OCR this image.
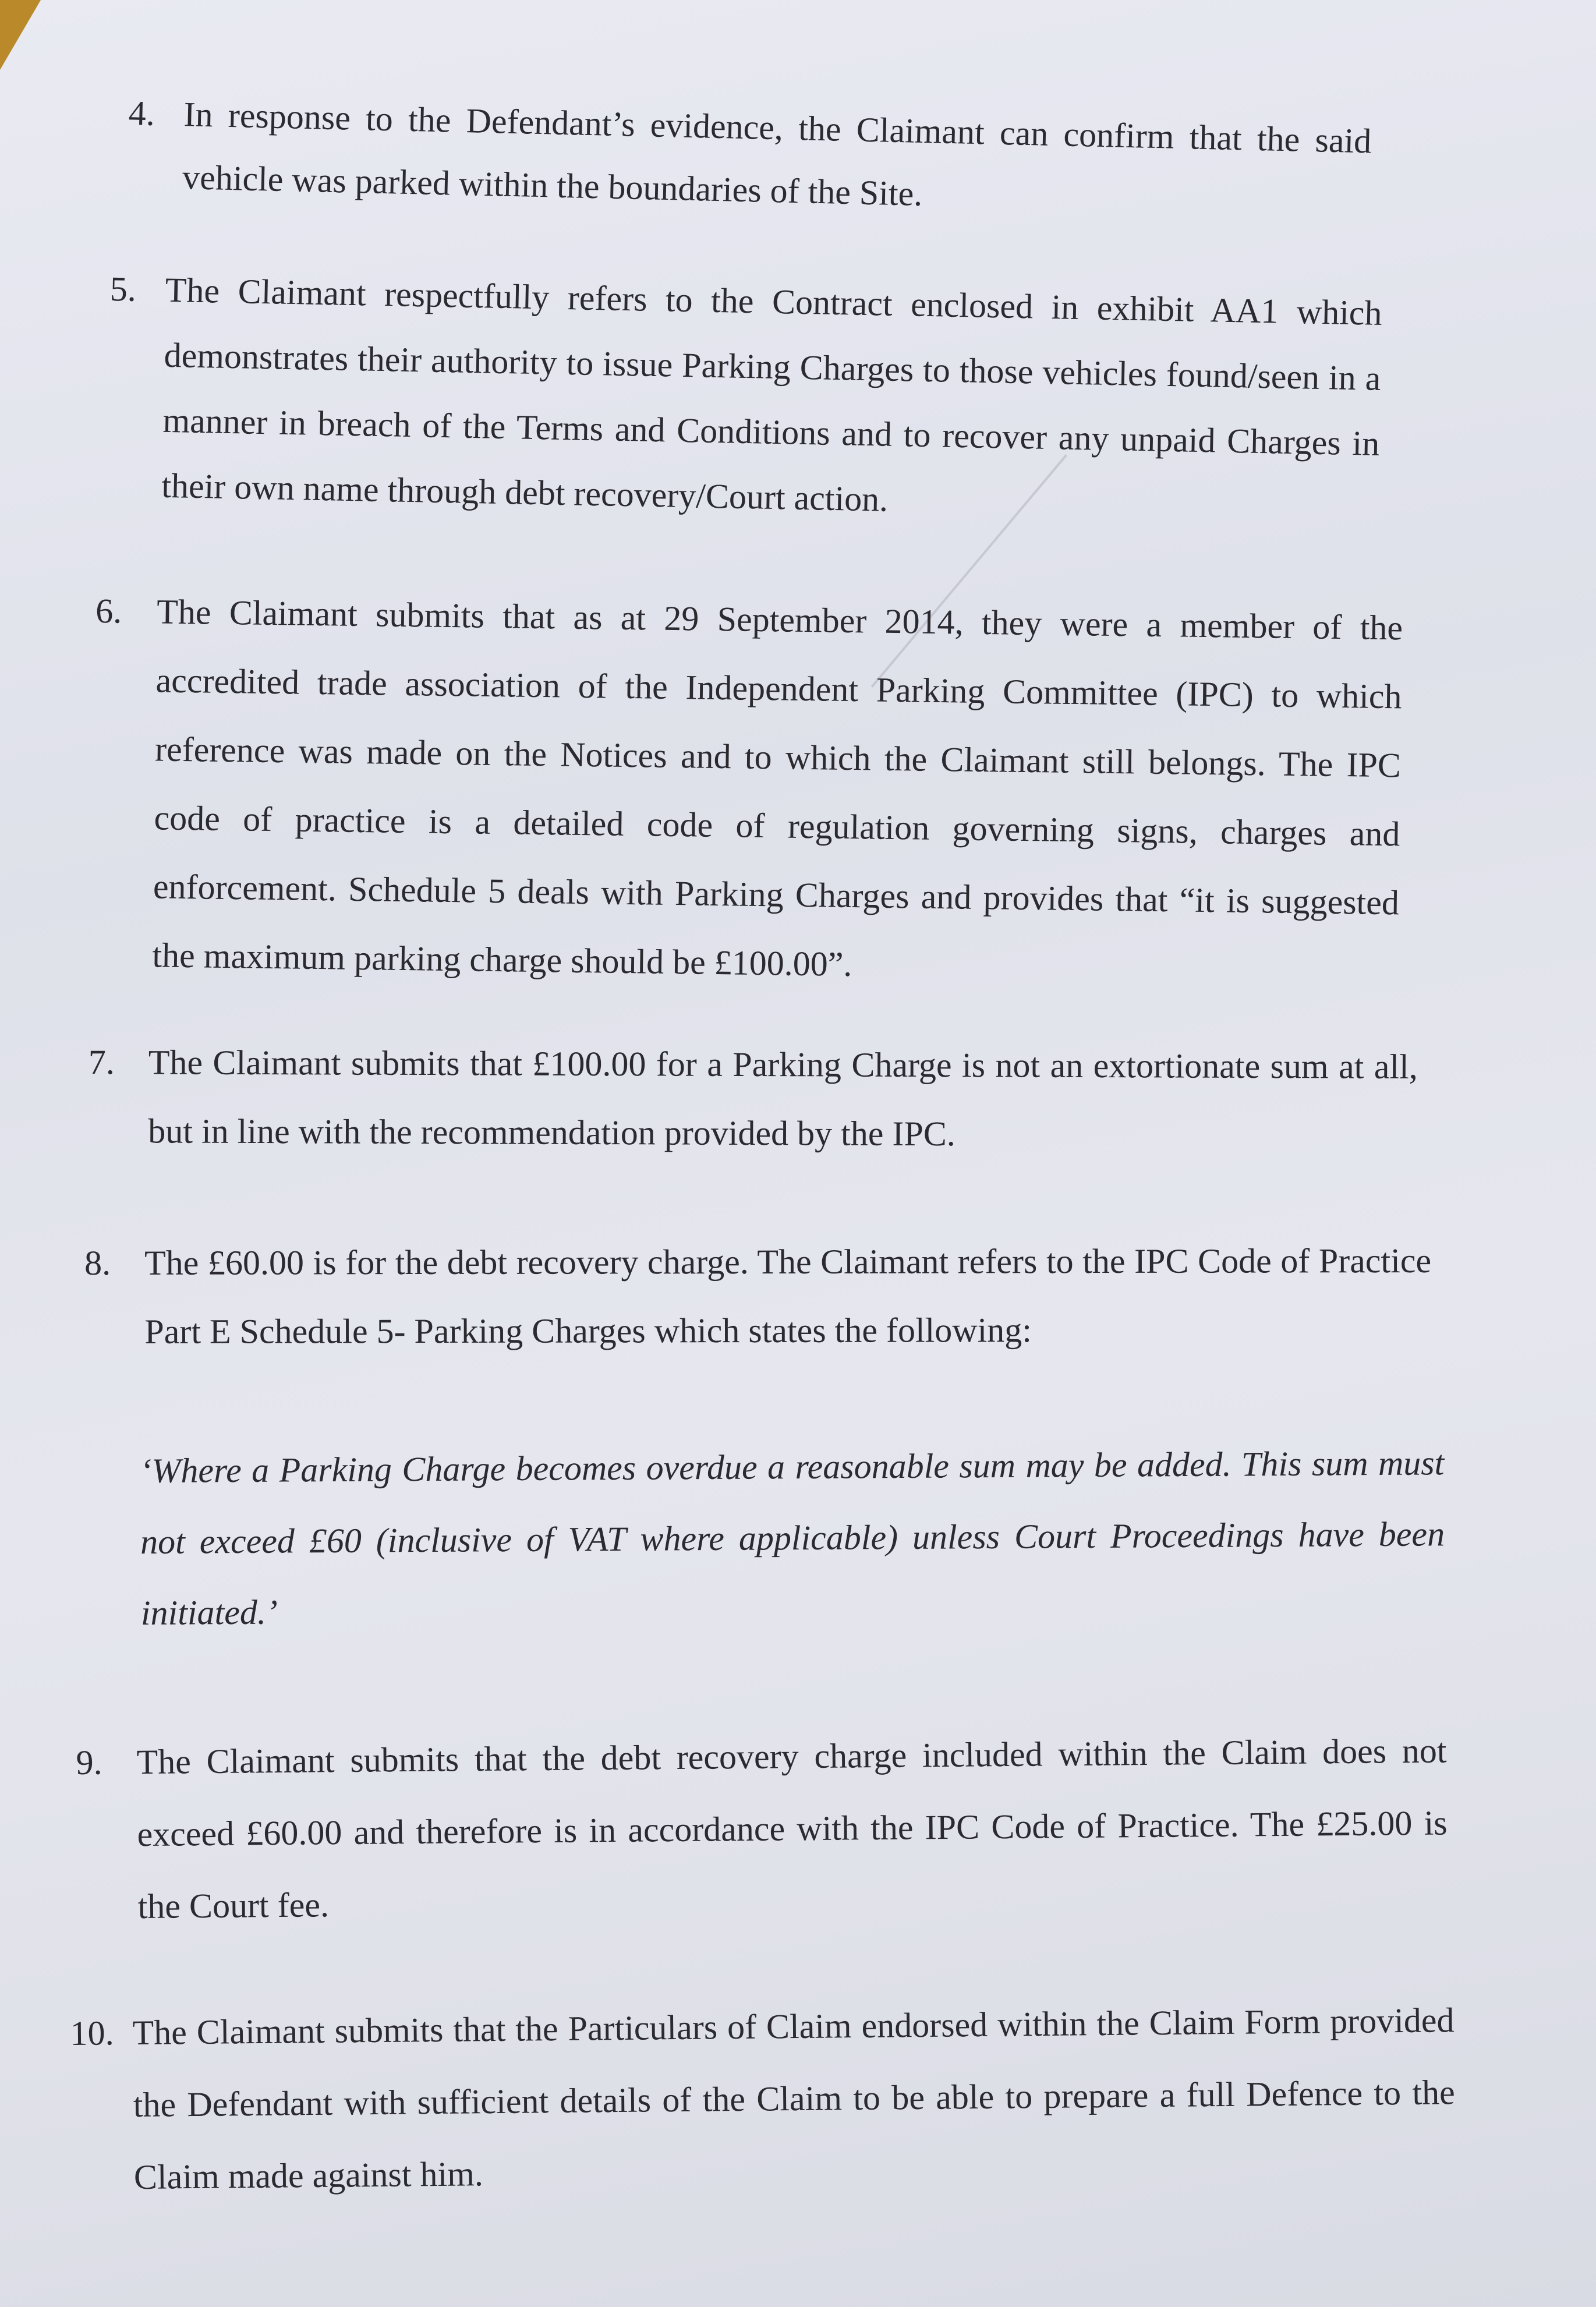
4. In response to the Defendant’s evidence, the Claimant can confirm that the said vehicle was parked within the boundaries of the Site.
5. The Claimant respectfully refers to the Contract enclosed in exhibit AA1 which demonstrates their authority to issue Parking Charges to those vehicles found/seen in a manner in breach of the Terms and Conditions and to recover any unpaid Charges in their own name through debt recovery/Court action.
6. The Claimant submits that as at 29 September 2014, they were a member of the accredited trade association of the Independent Parking Committee (IPC) to which reference was made on the Notices and to which the Claimant still belongs. The IPC code of practice is a detailed code of regulation governing signs, charges and enforcement. Schedule 5 deals with Parking Charges and provides that “it is suggested the maximum parking charge should be £100.00”.
7. The Claimant submits that £100.00 for a Parking Charge is not an extortionate sum at all, but in line with the recommendation provided by the IPC.
8. The £60.00 is for the debt recovery charge. The Claimant refers to the IPC Code of Practice Part E Schedule 5- Parking Charges which states the following:
‘Where a Parking Charge becomes overdue a reasonable sum may be added. This sum must not exceed £60 (inclusive of VAT where applicable) unless Court Proceedings have been initiated.’
9. The Claimant submits that the debt recovery charge included within the Claim does not exceed £60.00 and therefore is in accordance with the IPC Code of Practice. The £25.00 is the Court fee.
10. The Claimant submits that the Particulars of Claim endorsed within the Claim Form provided the Defendant with sufficient details of the Claim to be able to prepare a full Defence to the Claim made against him.
